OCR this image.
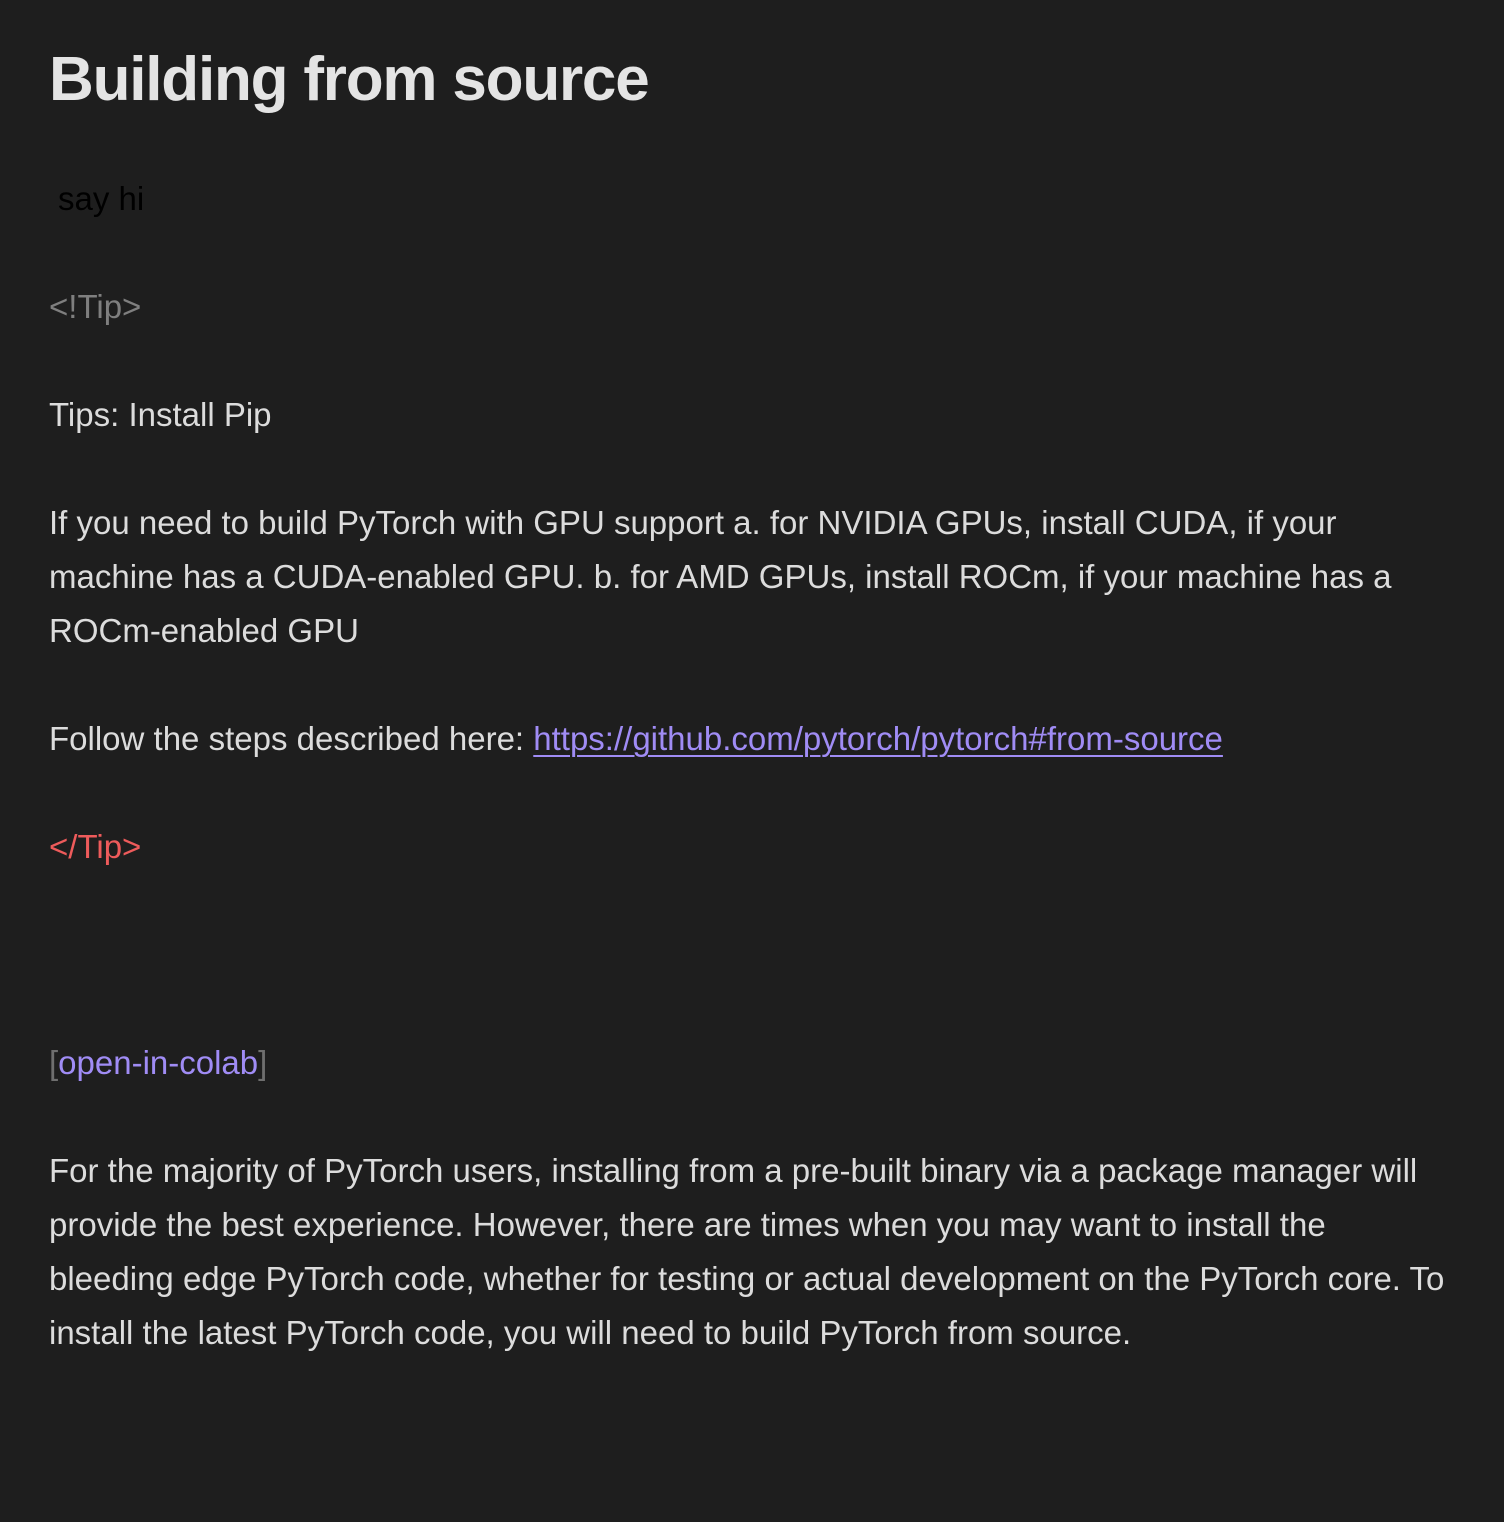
Building from source
say hi
<!Tip>
Tips: Install Pip

If you need to build PyTorch with GPU support a. for NVIDIA GPUs, install CUDA, if your machine has a CUDA-enabled GPU. b. for AMD GPUs, install ROCm, if your machine has a ROCm-enabled GPU

Follow the steps described here: https://github.com/pytorch/pytorch#from-source
</Tip>
[open-in-colab]

For the majority of PyTorch users, installing from a pre-built binary via a package manager will provide the best experience. However, there are times when you may want to install the bleeding edge PyTorch code, whether for testing or actual development on the PyTorch core. To install the latest PyTorch code, you will need to build PyTorch from source.
